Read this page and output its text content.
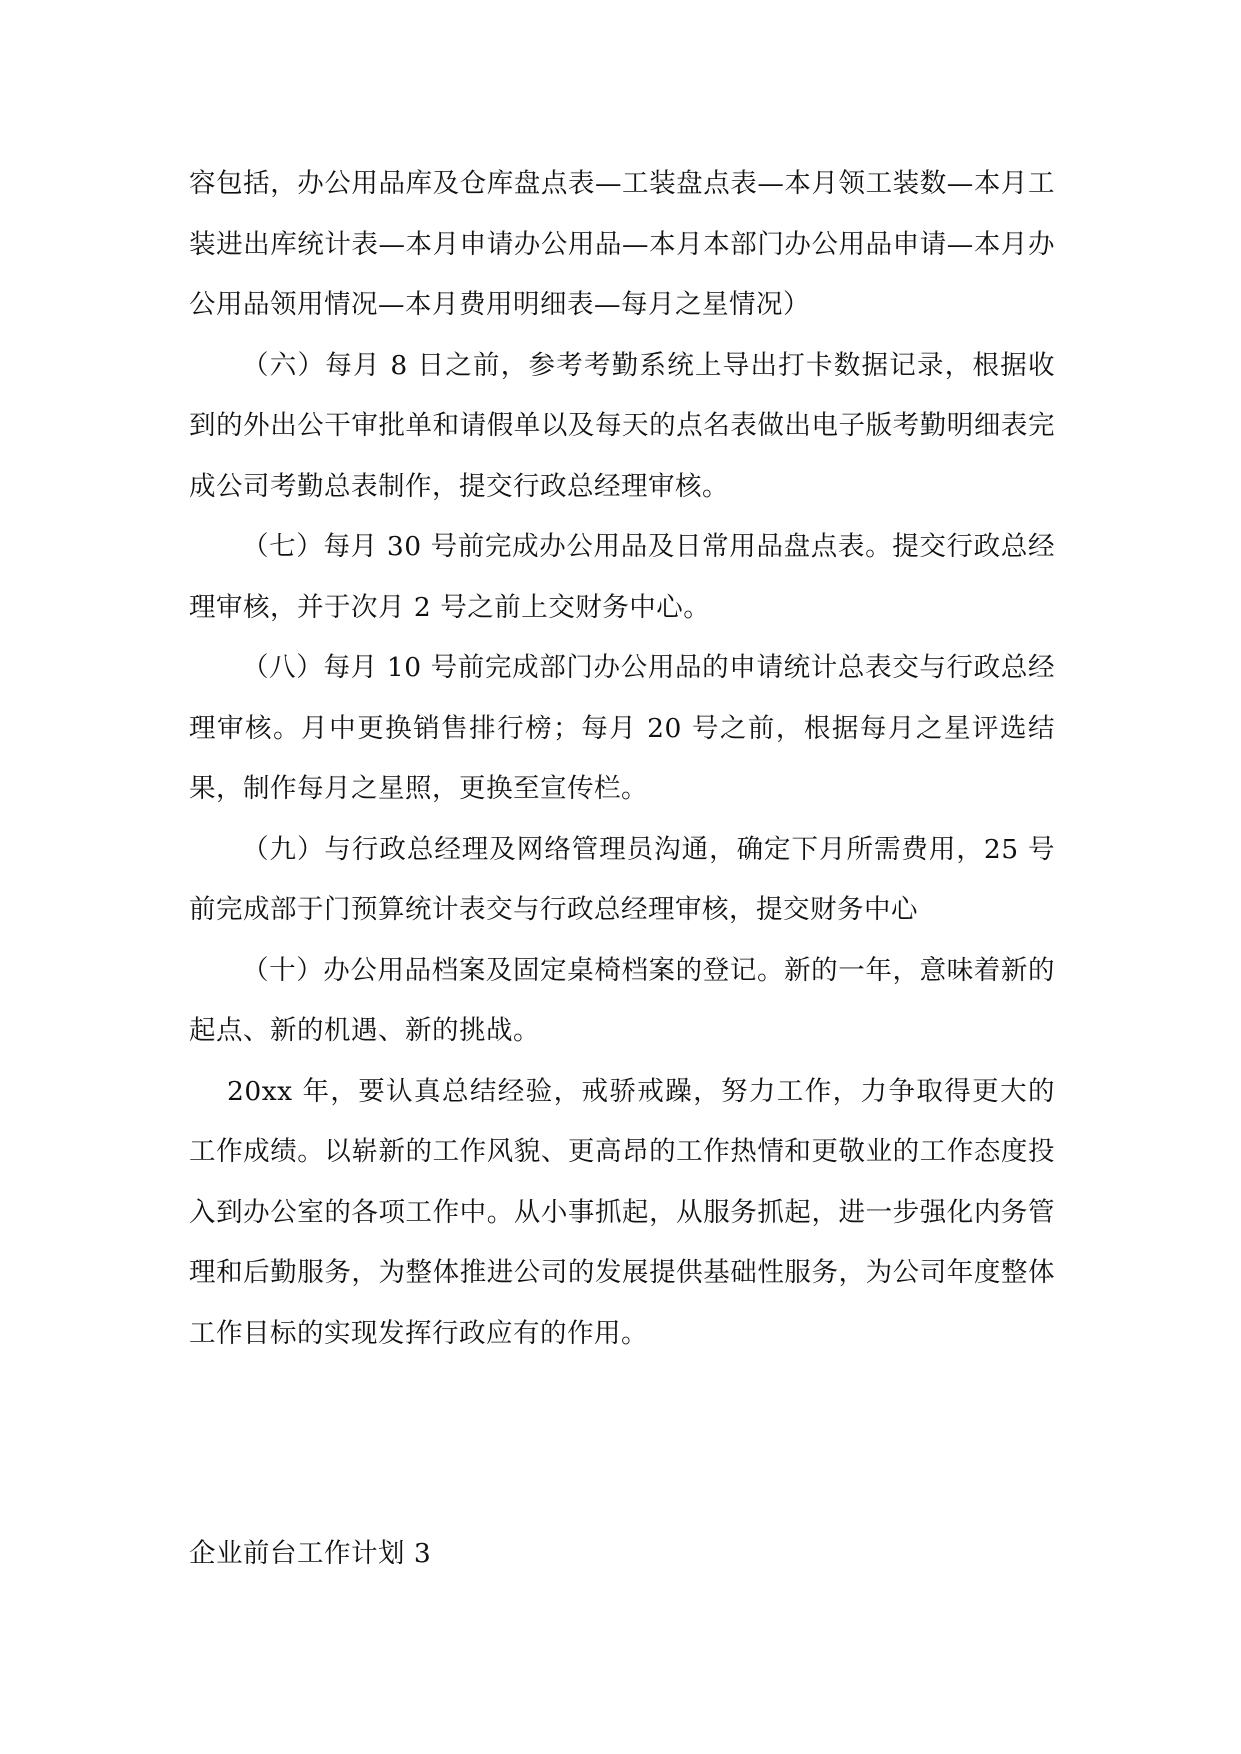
容包括，办公用品库及仓库盘点表—工装盘点表—本月领工装数—本月工装进出库统计表—本月申请办公用品—本月本部门办公用品申请—本月办公用品领用情况—本月费用明细表—每月之星情况）

（六）每月 8 日之前，参考考勤系统上导出打卡数据记录，根据收到的外出公干审批单和请假单以及每天的点名表做出电子版考勤明细表完成公司考勤总表制作，提交行政总经理审核。

（七）每月 30 号前完成办公用品及日常用品盘点表。提交行政总经理审核，并于次月 2 号之前上交财务中心。

（八）每月 10 号前完成部门办公用品的申请统计总表交与行政总经理审核。月中更换销售排行榜；每月 20 号之前，根据每月之星评选结果，制作每月之星照，更换至宣传栏。

（九）与行政总经理及网络管理员沟通，确定下月所需费用，25 号前完成部于门预算统计表交与行政总经理审核，提交财务中心

（十）办公用品档案及固定桌椅档案的登记。新的一年，意味着新的起点、新的机遇、新的挑战。

20xx 年，要认真总结经验，戒骄戒躁，努力工作，力争取得更大的工作成绩。以崭新的工作风貌、更高昂的工作热情和更敬业的工作态度投入到办公室的各项工作中。从小事抓起，从服务抓起，进一步强化内务管理和后勤服务，为整体推进公司的发展提供基础性服务，为公司年度整体工作目标的实现发挥行政应有的作用。

企业前台工作计划 3
